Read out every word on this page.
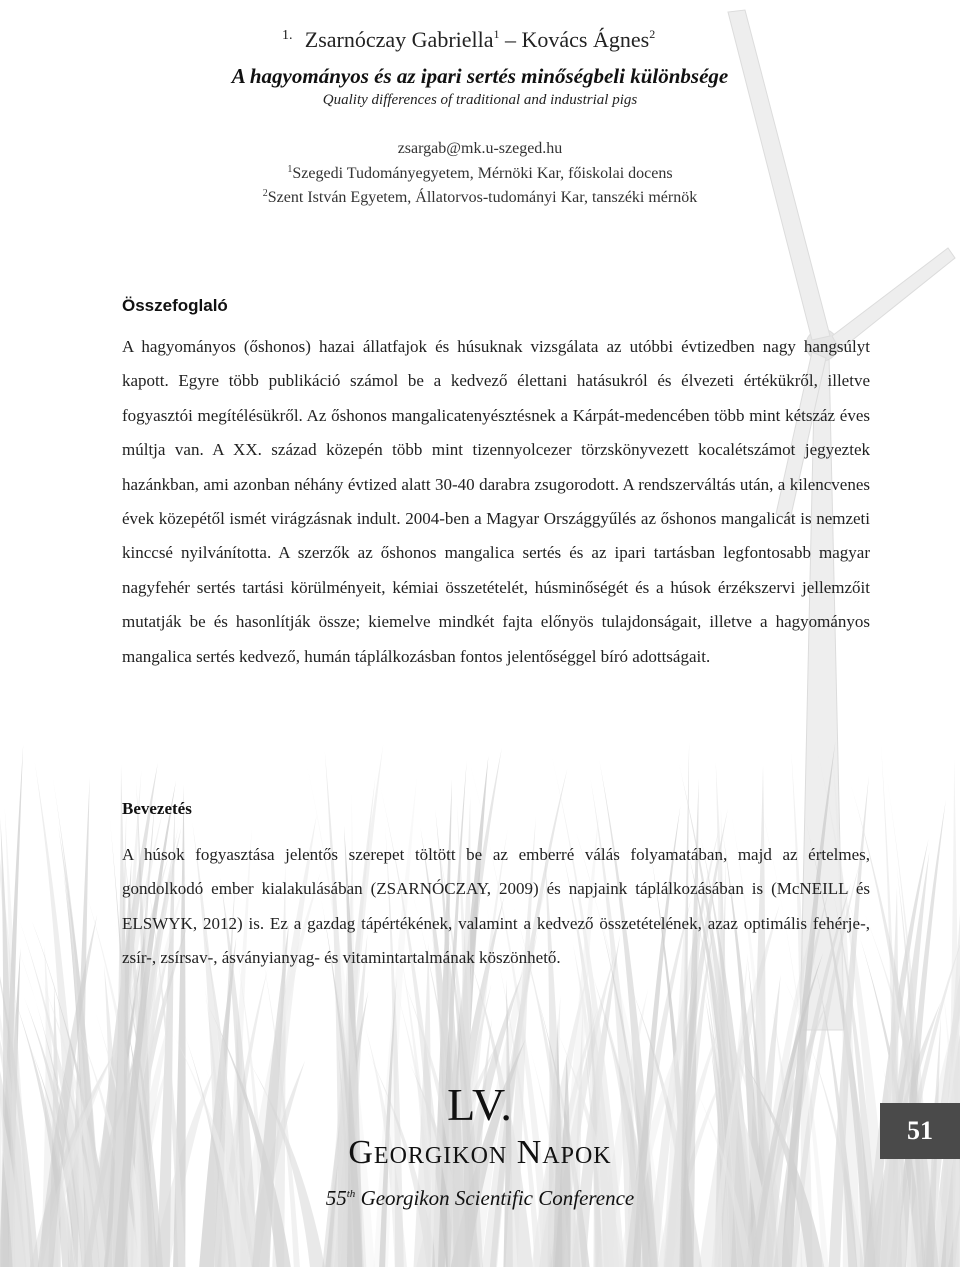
1. Zsarnóczay Gabriella$^1$ – Kovács Ágnes$^2$
A hagyományos és az ipari sertés minőségbeli különbsége
Quality differences of traditional and industrial pigs
zsargab@mk.u-szeged.hu
$^1$Szegedi Tudományegyetem, Mérnöki Kar, főiskolai docens
$^2$Szent István Egyetem, Állatorvos-tudományi Kar, tanszéki mérnök
Összefoglaló
A hagyományos (őshonos) hazai állatfajok és húsuknak vizsgálata az utóbbi évtizedben nagy hangsúlyt kapott. Egyre több publikáció számol be a kedvező élettani hatásukról és élvezeti értékükről, illetve fogyasztói megítélésükről. Az őshonos mangalicatenyésztésnek a Kárpát-medencében több mint kétszáz éves múltja van. A XX. század közepén több mint tizennyolcezer törzskönyvezett kocalétszámot jegyeztek hazánkban, ami azonban néhány évtized alatt 30-40 darabra zsugorodott. A rendszerváltás után, a kilencvenes évek közepétől ismét virágzásnak indult. 2004-ben a Magyar Országgyűlés az őshonos mangalicát is nemzeti kinccsé nyilvánította. A szerzők az őshonos mangalica sertés és az ipari tartásban legfontosabb magyar nagyfehér sertés tartási körülményeit, kémiai összetételét, húsminőségét és a húsok érzékszervi jellemzőit mutatják be és hasonlítják össze; kiemelve mindkét fajta előnyös tulajdonságait, illetve a hagyományos mangalica sertés kedvező, humán táplálkozásban fontos jelentőséggel bíró adottságait.
Bevezetés
A húsok fogyasztása jelentős szerepet töltött be az emberré válás folyamatában, majd az értelmes, gondolkodó ember kialakulásában (ZSARNÓCZAY, 2009) és napjaink táplálkozásában is (McNEILL és ELSWYK, 2012) is. Ez a gazdag tápértékének, valamint a kedvező összetételének, azaz optimális fehérje-, zsír-, zsírsav-, ásványianyag- és vitamintartalmának köszönhető.
LV.
Georgikon Napok
55th Georgikon Scientific Conference
51
